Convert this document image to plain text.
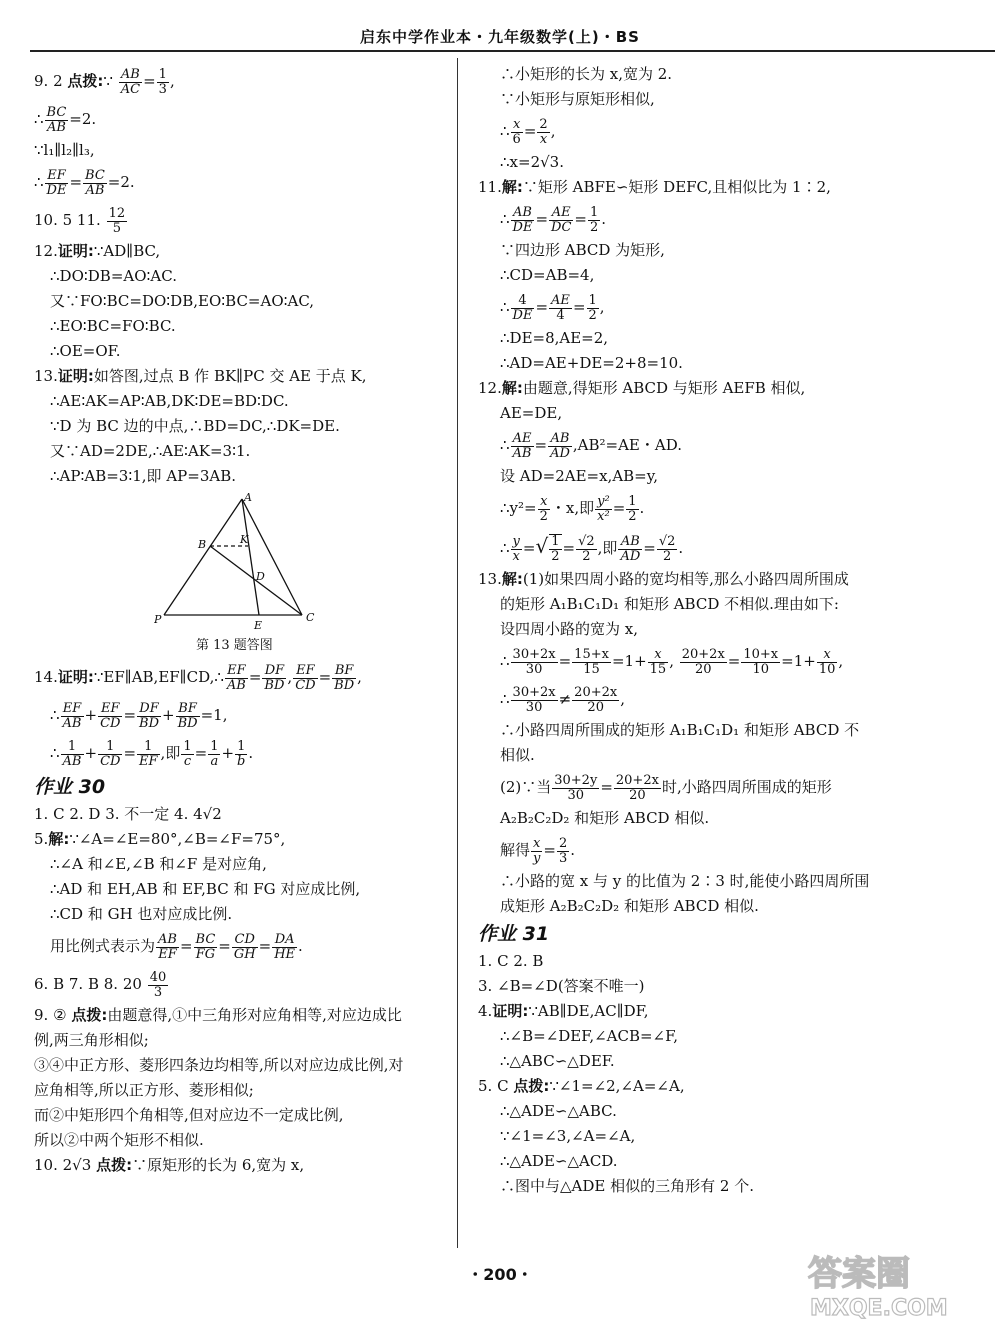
启东中学作业本・九年级数学(上)・BS
9. 2 点拨:∵ $\frac{AB}{AC} = \frac{1}{3}$ ,
∴ $\frac{BC}{AB} =2$.
∵l₁∥l₂∥l₃,
∴ $\frac{EF}{DE} = \frac{BC}{AB} =2$.
10. 5 11. $\frac{12}{5}$
12.证明:∵AD∥BC,
∴DO∶DB=AO∶AC.
又∵FO∶BC=DO∶DB,EO∶BC=AO∶AC,
∴EO∶BC=FO∶BC.
∴OE=OF.
13.证明:如答图,过点 B 作 BK∥PC 交 AE 于点 K,
∴AE∶AK=AP∶AB,DK∶DE=BD∶DC.
∵D 为 BC 边的中点,∴BD=DC,∴DK=DE.
又∵AD=2DE,∴AE∶AK=3∶1.
∴AP∶AB=3∶1,即 AP=3AB.
A
B	K
D
P	E
C
第 13 题答图
14.证明:∵EF∥AB,EF∥CD,∴ $\frac{EF}{AB} = \frac{DF}{BD}$ , $\frac{EF}{CD} = \frac{BF}{BD}$ ,
∴ $\frac{EF}{AB} + \frac{EF}{CD} = \frac{DF}{BD} + \frac{BF}{BD} =1$,
∴ $\frac{1}{AB} + \frac{1}{CD} = \frac{1}{EF}$ ,即 $\frac{1}{c} = \frac{1}{a} + \frac{1}{b}$ .
作业 30
1. C 2. D 3. 不一定 4. 4√2
5.解:∵∠A=∠E=80°,∠B=∠F=75°,
∴∠A 和∠E,∠B 和∠F 是对应角,
∴AD 和 EH,AB 和 EF,BC 和 FG 对应成比例,
∴CD 和 GH 也对应成比例.
用比例式表示为 $\frac{AB}{EF} = \frac{BC}{FG} = \frac{CD}{GH} = \frac{DA}{HE}$ .
6. B 7. B 8. $20 \frac{40}{3}$
9. ② 点拨:由题意得,①中三角形对应角相等,对应边成比
例,两三角形相似;
③④中正方形、菱形四条边均相等,所以对应边成比例,对
应角相等,所以正方形、菱形相似;
而②中矩形四个角相等,但对应边不一定成比例,
所以②中两个矩形不相似.
10. 2√3 点拨:∵原矩形的长为 6,宽为 x,
∴小矩形的长为 x,宽为 2.
∵小矩形与原矩形相似,
∴ $\frac{x}{6} = \frac{2}{x}$ ,
∴x=2√3.
11.解:∵矩形 ABFE∽矩形 DEFC,且相似比为 1∶2,
∴ $\frac{AB}{DE} = \frac{AE}{DC} = \frac{1}{2}$ .
∵四边形 ABCD 为矩形,
∴CD=AB=4,
∴ $\frac{4}{DE} = \frac{AE}{4} = \frac{1}{2}$ ,
∴DE=8,AE=2,
∴AD=AE+DE=2+8=10.
12.解:由题意,得矩形 ABCD 与矩形 AEFB 相似,
AE=DE,
∴ $\frac{AE}{AB} = \frac{AB}{AD} ,AB^2=AE$・AD.
设 AD=2AE=x,AB=y,
∴y²= $\frac{x}{2}$ ・x,即 $\frac{\text{y²}}{\text{x²}} = \frac{1}{2}$ .
∴ $\frac{y}{x}$ =√ $\frac{1}{2} = \frac{√2}{2}$ ,即 $\frac{AB}{AD} = \frac{√2}{2}$ .
13.解:(1)如果四周小路的宽均相等,那么小路四周所围成
的矩形 A₁B₁C₁D₁ 和矩形 ABCD 不相似.理由如下:
设四周小路的宽为 x,
∴ $\frac{30+2x}{30} = \frac{15+x}{15} =1+ \frac{x}{15}$ , $\frac{20+2x}{20} = \frac{10+x}{10} =1+ \frac{x}{10}$ ,
∴ $\frac{30+2x}{30} \ne \frac{20+2x}{20}$ ,
∴小路四周所围成的矩形 A₁B₁C₁D₁ 和矩形 ABCD 不
相似.
(2)∵当 $\frac{30+2y}{30} = \frac{20+2x}{20}$ 时,小路四周所围成的矩形
A₂B₂C₂D₂ 和矩形 ABCD 相似.
解得 $\frac{x}{y} = \frac{2}{3}$ .
∴小路的宽 x 与 y 的比值为 2∶3 时,能使小路四周所围
成矩形 A₂B₂C₂D₂ 和矩形 ABCD 相似.
作业 31
1. C 2. B
3. ∠B=∠D(答案不唯一)
4.证明:∵AB∥DE,AC∥DF,
∴∠B=∠DEF,∠ACB=∠F,
∴△ABC∽△DEF.
5. C 点拨:∵∠1=∠2,∠A=∠A,
∴△ADE∽△ABC.
∵∠1=∠3,∠A=∠A,
∴△ADE∽△ACD.
∴图中与△ADE 相似的三角形有 2 个.
・200・	答案圈
MXQE.COM
